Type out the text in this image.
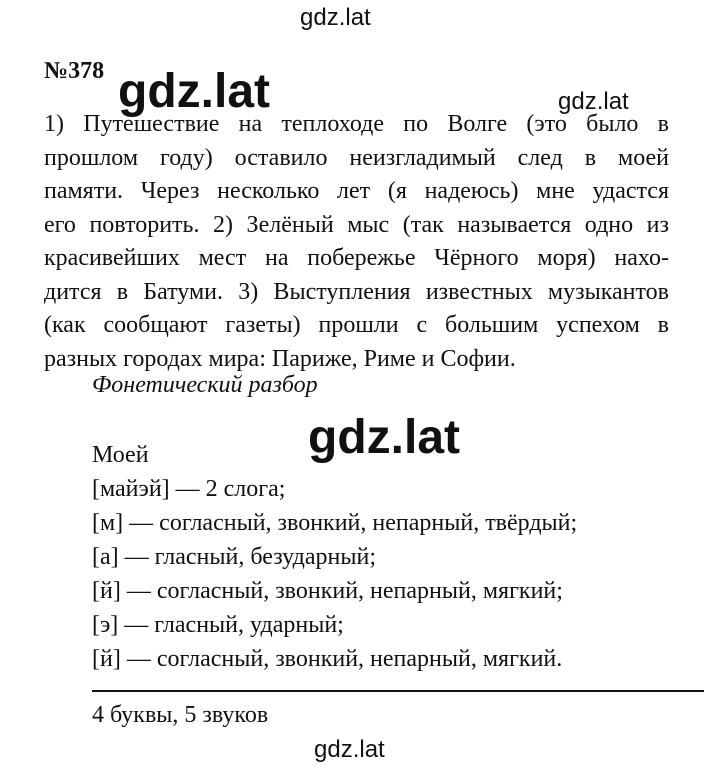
gdz.lat
gdz.lat	gdz.lat
gdz.lat
gdz.lat
№378
1) Путешествие на теплоходе по Волге (это было в
прошлом году) оставило неизгладимый след в моей
памяти. Через несколько лет (я надеюсь) мне удастся
его повторить. 2) Зелёный мыс (так называется одно из
красивейших мест на побережье Чёрного моря) нахо-
дится в Батуми. 3) Выступления известных музыкантов
(как сообщают газеты) прошли с большим успехом в
разных городах мира: Париже, Риме и Софии.
Фонетический разбор
Моей
[майэй] — 2 слога;
[м] — согласный, звонкий, непарный, твёрдый;
[а] — гласный, безударный;
[й] — согласный, звонкий, непарный, мягкий;
[э] — гласный, ударный;
[й] — согласный, звонкий, непарный, мягкий.
4 буквы, 5 звуков
